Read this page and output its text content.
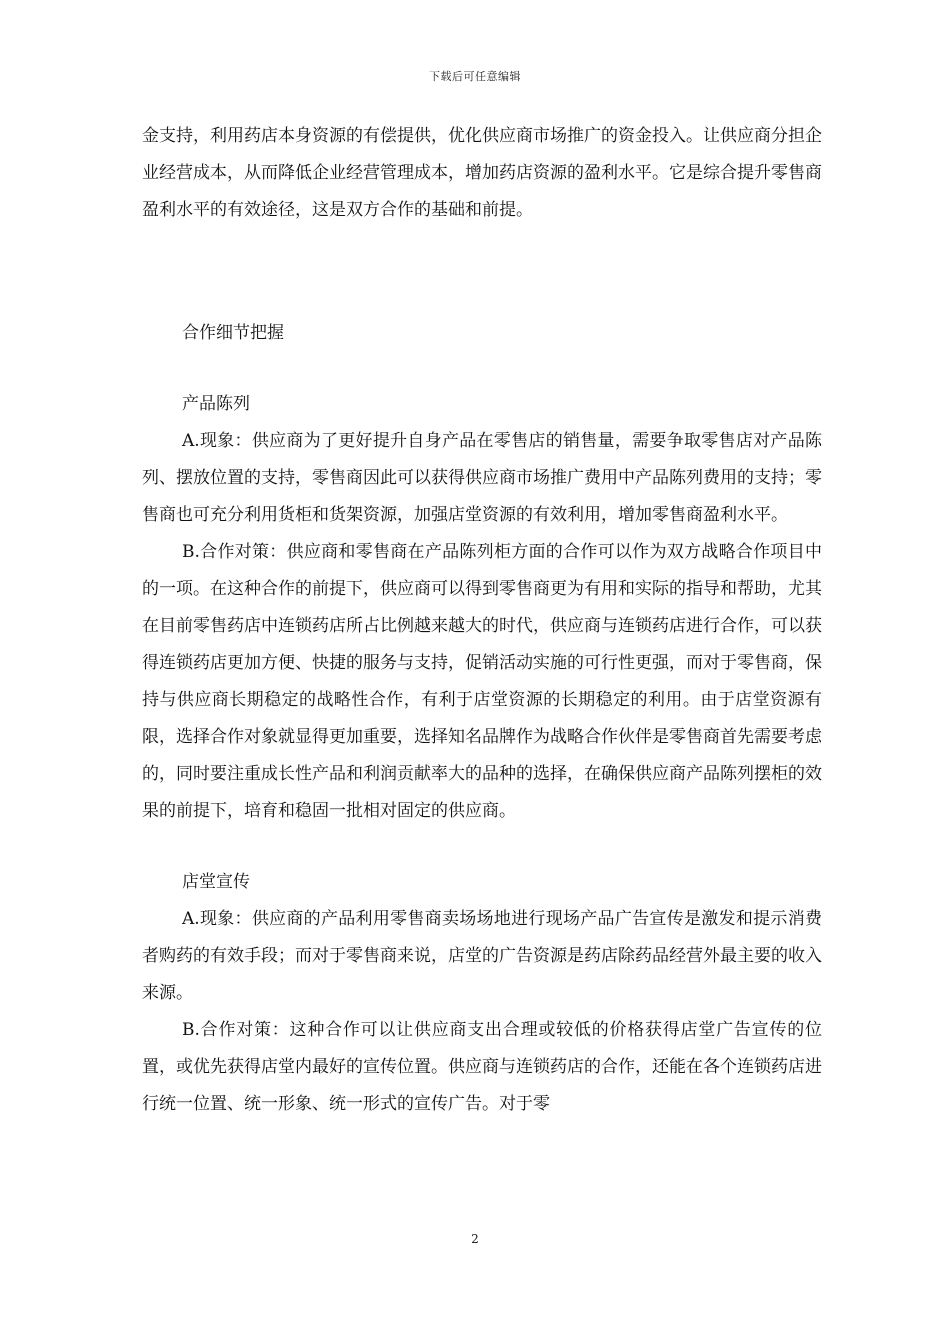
下载后可任意编辑

金支持，利用药店本身资源的有偿提供，优化供应商市场推广的资金投入。让供应商分担企业经营成本，从而降低企业经营管理成本，增加药店资源的盈利水平。它是综合提升零售商盈利水平的有效途径，这是双方合作的基础和前提。

合作细节把握

产品陈列

A.现象：供应商为了更好提升自身产品在零售店的销售量，需要争取零售店对产品陈列、摆放位置的支持，零售商因此可以获得供应商市场推广费用中产品陈列费用的支持；零售商也可充分利用货柜和货架资源，加强店堂资源的有效利用，增加零售商盈利水平。

B.合作对策：供应商和零售商在产品陈列柜方面的合作可以作为双方战略合作项目中的一项。在这种合作的前提下，供应商可以得到零售商更为有用和实际的指导和帮助，尤其在目前零售药店中连锁药店所占比例越来越大的时代，供应商与连锁药店进行合作，可以获得连锁药店更加方便、快捷的服务与支持，促销活动实施的可行性更强，而对于零售商，保持与供应商长期稳定的战略性合作，有利于店堂资源的长期稳定的利用。由于店堂资源有限，选择合作对象就显得更加重要，选择知名品牌作为战略合作伙伴是零售商首先需要考虑的，同时要注重成长性产品和利润贡献率大的品种的选择，在确保供应商产品陈列摆柜的效果的前提下，培育和稳固一批相对固定的供应商。

店堂宣传

A.现象：供应商的产品利用零售商卖场场地进行现场产品广告宣传是激发和提示消费者购药的有效手段；而对于零售商来说，店堂的广告资源是药店除药品经营外最主要的收入来源。

B.合作对策：这种合作可以让供应商支出合理或较低的价格获得店堂广告宣传的位置，或优先获得店堂内最好的宣传位置。供应商与连锁药店的合作，还能在各个连锁药店进行统一位置、统一形象、统一形式的宣传广告。对于零

2
